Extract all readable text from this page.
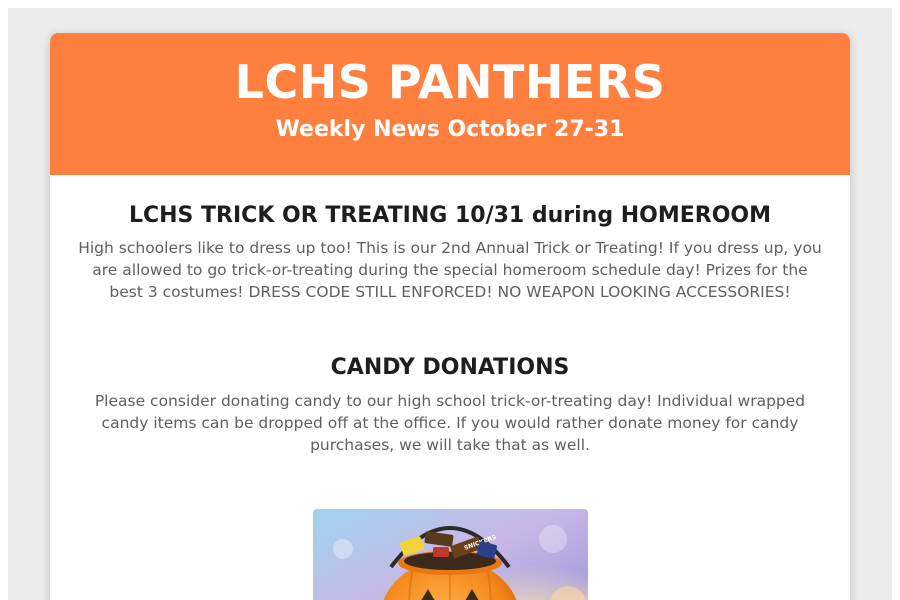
LCHS PANTHERS
Weekly News October 27-31
LCHS TRICK OR TREATING 10/31 during HOMEROOM

High schoolers like to dress up too! This is our 2nd Annual Trick or Treating! If you dress up, you are allowed to go trick-or-treating during the special homeroom schedule day! Prizes for the best 3 costumes! DRESS CODE STILL ENFORCED! NO WEAPON LOOKING ACCESSORIES!

CANDY DONATIONS

Please consider donating candy to our high school trick-or-treating day! Individual wrapped candy items can be dropped off at the office. If you would rather donate money for candy purchases, we will take that as well.
